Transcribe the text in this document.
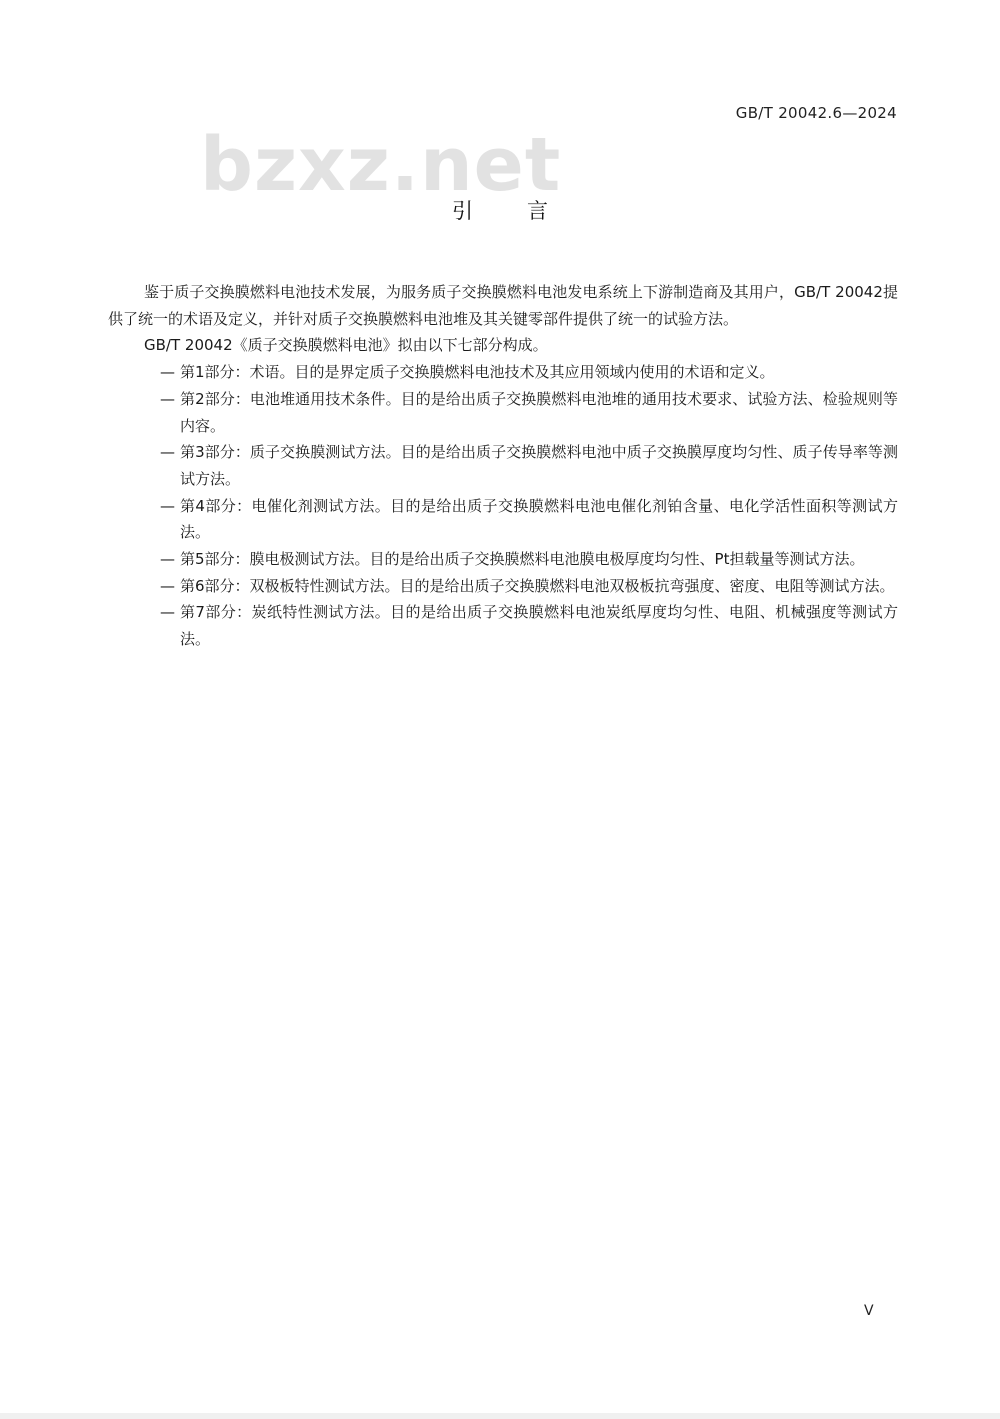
GB/T 20042.6—2024
bzxz.net
引言

鉴于质子交换膜燃料电池技术发展，为服务质子交换膜燃料电池发电系统上下游制造商及其用户，GB/T 20042提供了统一的术语及定义，并针对质子交换膜燃料电池堆及其关键零部件提供了统一的试验方法。

GB/T 20042《质子交换膜燃料电池》拟由以下七部分构成。

— 第1部分：术语。目的是界定质子交换膜燃料电池技术及其应用领域内使用的术语和定义。

— 第2部分：电池堆通用技术条件。目的是给出质子交换膜燃料电池堆的通用技术要求、试验方法、检验规则等内容。

— 第3部分：质子交换膜测试方法。目的是给出质子交换膜燃料电池中质子交换膜厚度均匀性、质子传导率等测试方法。

— 第4部分：电催化剂测试方法。目的是给出质子交换膜燃料电池电催化剂铂含量、电化学活性面积等测试方法。

— 第5部分：膜电极测试方法。目的是给出质子交换膜燃料电池膜电极厚度均匀性、Pt担载量等测试方法。

— 第6部分：双极板特性测试方法。目的是给出质子交换膜燃料电池双极板抗弯强度、密度、电阻等测试方法。

— 第7部分：炭纸特性测试方法。目的是给出质子交换膜燃料电池炭纸厚度均匀性、电阻、机械强度等测试方法。

V
